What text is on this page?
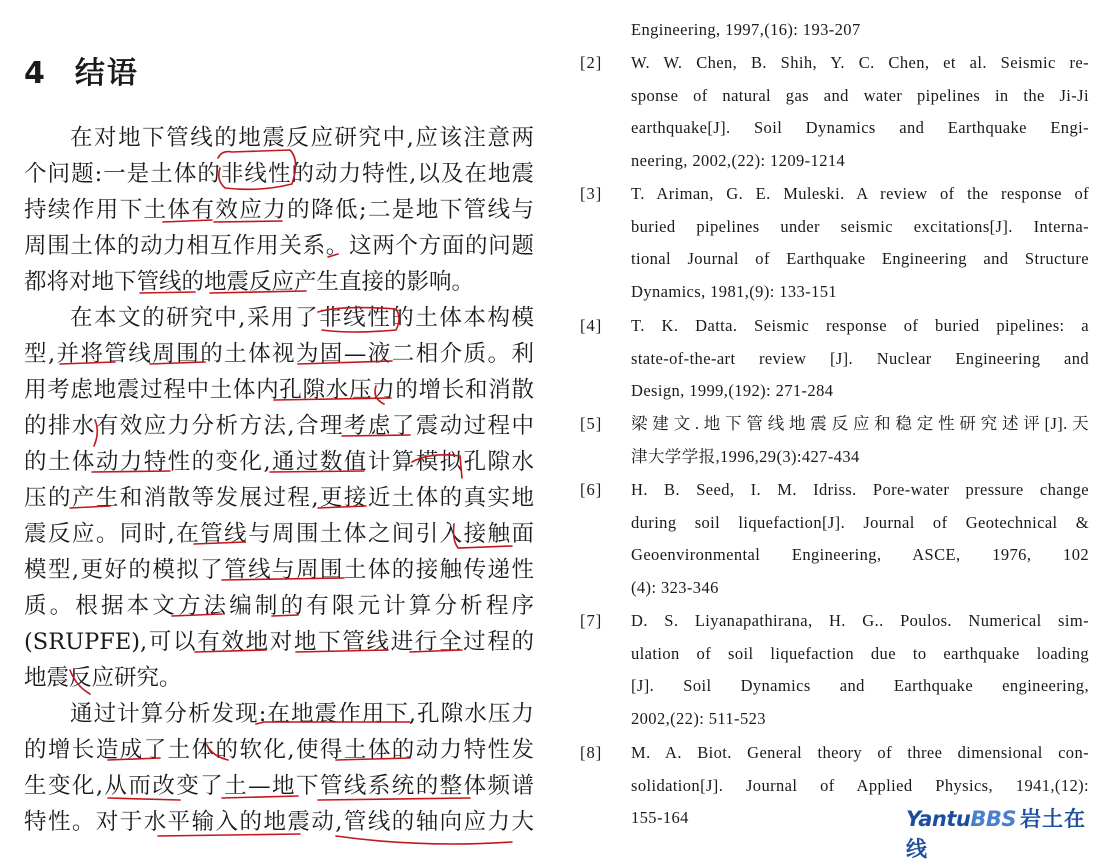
4 结语
在对地下管线的地震反应研究中,应该注意两
个问题:一是土体的非线性的动力特性,以及在地震
持续作用下土体有效应力的降低;二是地下管线与
周围土体的动力相互作用关系。这两个方面的问题
都将对地下管线的地震反应产生直接的影响。
在本文的研究中,采用了非线性的土体本构模
型,并将管线周围的土体视为固—液二相介质。利
用考虑地震过程中土体内孔隙水压力的增长和消散
的排水有效应力分析方法,合理考虑了震动过程中
的土体动力特性的变化,通过数值计算模拟孔隙水
压的产生和消散等发展过程,更接近土体的真实地
震反应。同时,在管线与周围土体之间引入接触面
模型,更好的模拟了管线与周围土体的接触传递性
质。根据本文方法编制的有限元计算分析程序
(SRUPFE),可以有效地对地下管线进行全过程的
地震反应研究。
通过计算分析发现:在地震作用下,孔隙水压力
的增长造成了土体的软化,使得土体的动力特性发
生变化,从而改变了土—地下管线系统的整体频谱
特性。对于水平输入的地震动,管线的轴向应力大
Engineering, 1997,(16): 193-207
[2] W. W. Chen, B. Shih, Y. C. Chen, et al. Seismic re-
sponse of natural gas and water pipelines in the Ji-Ji
earthquake[J]. Soil Dynamics and Earthquake Engi-
neering, 2002,(22): 1209-1214
[3] T. Ariman, G. E. Muleski. A review of the response of
buried pipelines under seismic excitations[J]. Interna-
tional Journal of Earthquake Engineering and Structure
Dynamics, 1981,(9): 133-151
[4] T. K. Datta. Seismic response of buried pipelines: a
state-of-the-art review [J]. Nuclear Engineering and
Design, 1999,(192): 271-284
[5] 梁建文.地下管线地震反应和稳定性研究述评[J].天
津大学学报,1996,29(3):427-434
[6] H. B. Seed, I. M. Idriss. Pore-water pressure change
during soil liquefaction[J]. Journal of Geotechnical &
Geoenvironmental Engineering, ASCE, 1976, 102
(4): 323-346
[7] D. S. Liyanapathirana, H. G.. Poulos. Numerical sim-
ulation of soil liquefaction due to earthquake loading
[J]. Soil Dynamics and Earthquake engineering,
2002,(22): 511-523
[8] M. A. Biot. General theory of three dimensional con-
solidation[J]. Journal of Applied Physics, 1941,(12):
155-164	YantuBBS 岩土在线
